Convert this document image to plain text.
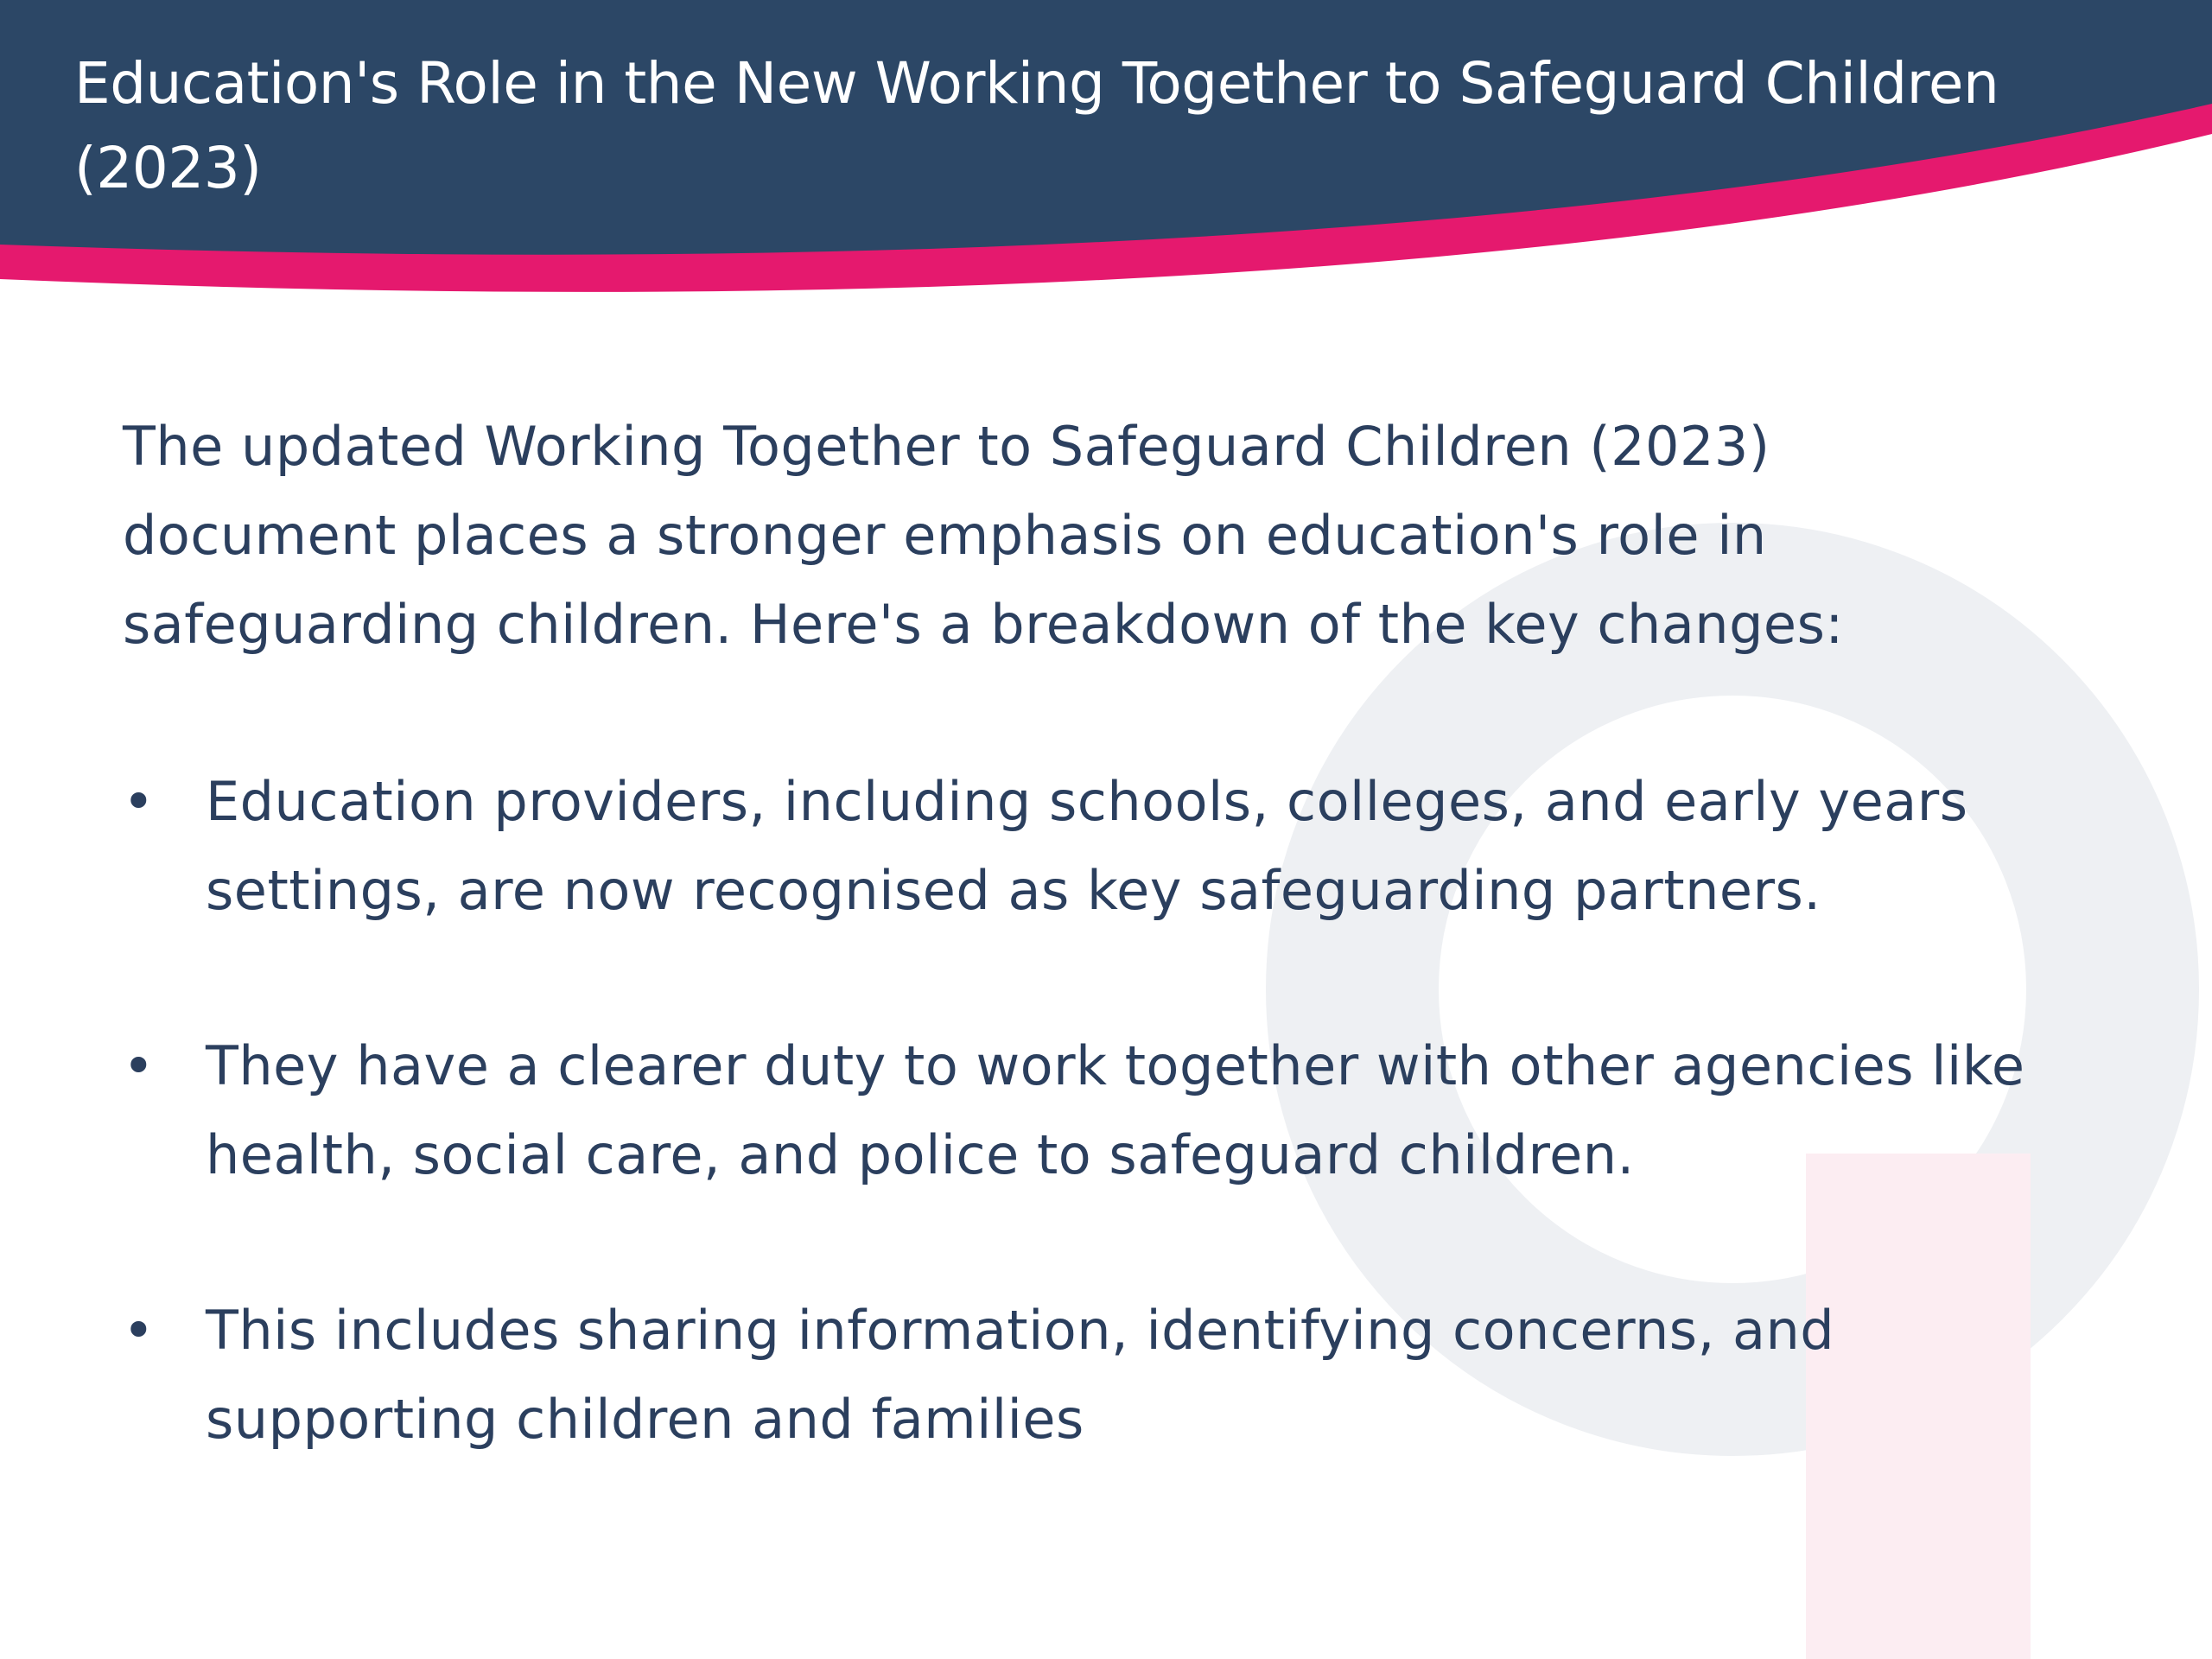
Education's Role in the New Working Together to Safeguard Children (2023)

The updated Working Together to Safeguard Children (2023) document places a stronger emphasis on education's role in safeguarding children. Here's a breakdown of the key changes:

• Education providers, including schools, colleges, and early years settings, are now recognised as key safeguarding partners.
• They have a clearer duty to work together with other agencies like health, social care, and police to safeguard children.
• This includes sharing information, identifying concerns, and supporting children and families
